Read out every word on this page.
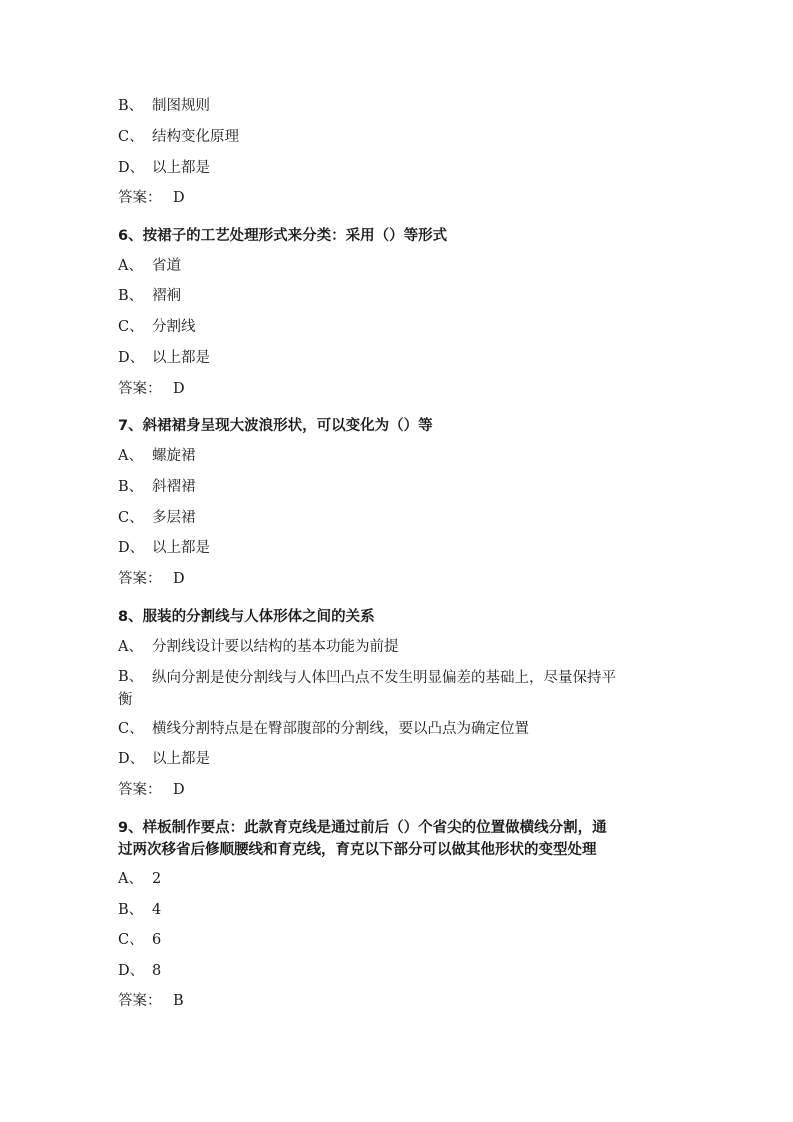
B、 制图规则
C、 结构变化原理
D、 以上都是
答案： D
6、按裙子的工艺处理形式来分类：采用（）等形式
A、 省道
B、 褶裥
C、 分割线
D、 以上都是
答案： D
7、斜裙裙身呈现大波浪形状，可以变化为（）等
A、 螺旋裙
B、 斜褶裙
C、 多层裙
D、 以上都是
答案： D
8、服装的分割线与人体形体之间的关系
A、 分割线设计要以结构的基本功能为前提
B、 纵向分割是使分割线与人体凹凸点不发生明显偏差的基础上，尽量保持平
衡
C、 横线分割特点是在臀部腹部的分割线，要以凸点为确定位置
D、 以上都是
答案： D
9、样板制作要点：此款育克线是通过前后（）个省尖的位置做横线分割，通
过两次移省后修顺腰线和育克线，育克以下部分可以做其他形状的变型处理
A、 2
B、 4
C、 6
D、 8
答案： B
